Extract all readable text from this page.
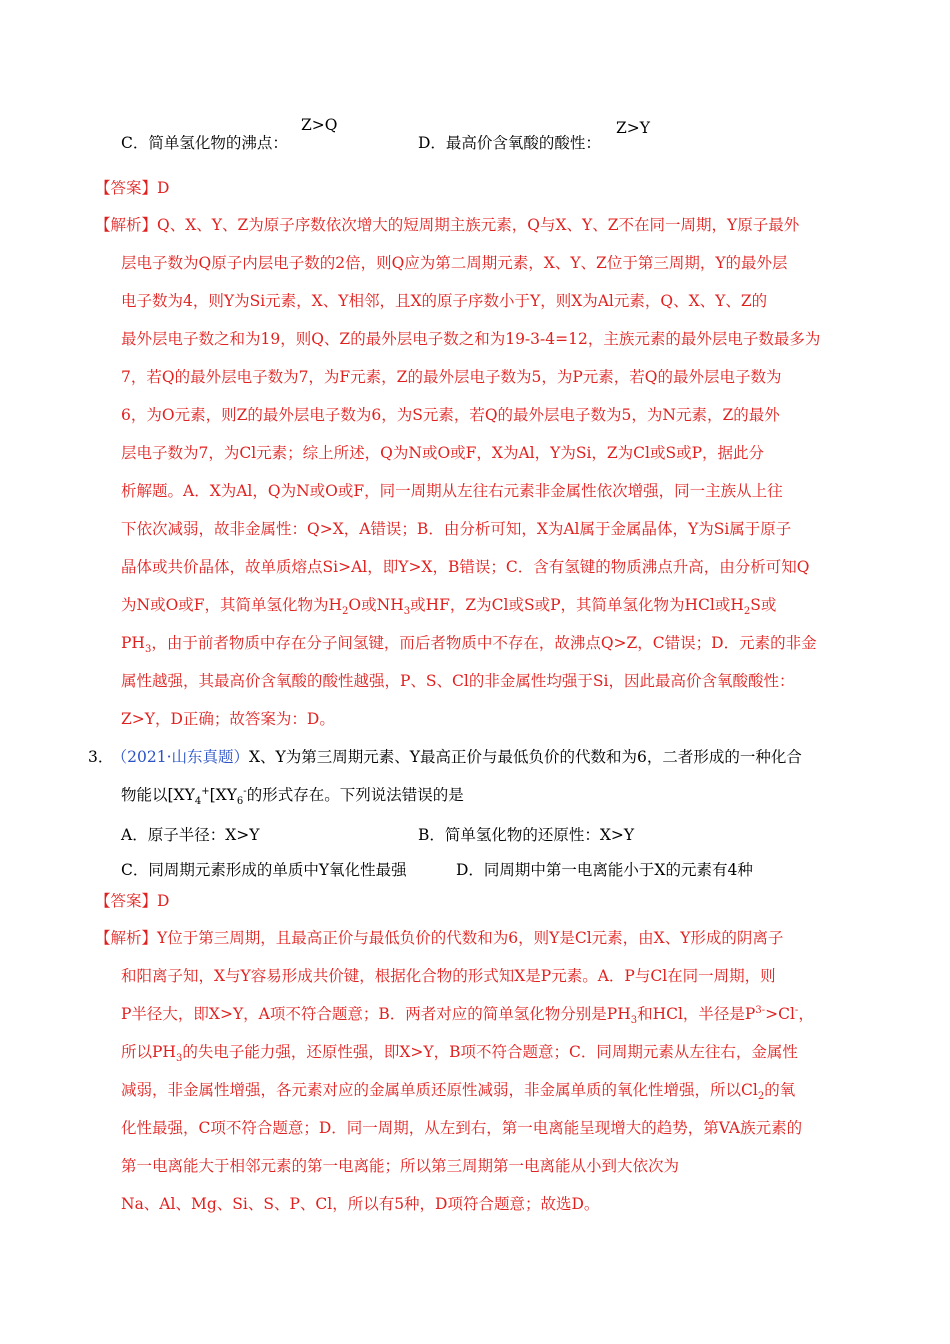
C．简单氢化物的沸点：
Z>Q
D．最高价含氧酸的酸性：
Z>Y
【答案】D
【解析】Q、X、Y、Z为原子序数依次增大的短周期主族元素，Q与X、Y、Z不在同一周期，Y原子最外
层电子数为Q原子内层电子数的2倍，则Q应为第二周期元素，X、Y、Z位于第三周期，Y的最外层
电子数为4，则Y为Si元素，X、Y相邻，且X的原子序数小于Y，则X为Al元素，Q、X、Y、Z的
最外层电子数之和为19，则Q、Z的最外层电子数之和为19-3-4=12，主族元素的最外层电子数最多为
7，若Q的最外层电子数为7，为F元素，Z的最外层电子数为5，为P元素，若Q的最外层电子数为
6，为O元素，则Z的最外层电子数为6，为S元素，若Q的最外层电子数为5，为N元素，Z的最外
层电子数为7，为Cl元素；综上所述，Q为N或O或F，X为Al，Y为Si，Z为Cl或S或P，据此分
析解题。A．X为Al，Q为N或O或F，同一周期从左往右元素非金属性依次增强，同一主族从上往
下依次减弱，故非金属性：Q>X，A错误；B．由分析可知，X为Al属于金属晶体，Y为Si属于原子
晶体或共价晶体，故单质熔点Si>Al，即Y>X，B错误；C．含有氢键的物质沸点升高，由分析可知Q
为N或O或F，其简单氢化物为$H_2O$或$NH_3$或HF，Z为Cl或S或P，其简单氢化物为HCl或$H_2S$或
$PH_3$，由于前者物质中存在分子间氢键，而后者物质中不存在，故沸点Q>Z，C错误；D．元素的非金
属性越强，其最高价含氧酸的酸性越强，P、S、Cl的非金属性均强于Si，因此最高价含氧酸酸性：
Z>Y，D正确；故答案为：D。
3． （2021·山东真题）X、Y为第三周期元素、Y最高正价与最低负价的代数和为6，二者形成的一种化合
物能以[$XY_4^+[XY_6^-$的形式存在。下列说法错误的是
A．原子半径：X>Y	B．简单氢化物的还原性：X>Y
C．同周期元素形成的单质中Y氧化性最强	D．同周期中第一电离能小于X的元素有4种
【答案】D
【解析】Y位于第三周期，且最高正价与最低负价的代数和为6，则Y是Cl元素，由X、Y形成的阴离子
和阳离子知，X与Y容易形成共价键，根据化合物的形式知X是P元素。A．P与Cl在同一周期，则
P半径大，即X>Y，A项不符合题意；B．两者对应的简单氢化物分别是$PH_3$和HCl，半径是$P^{3-}>Cl^-$，
所以$PH_3$的失电子能力强，还原性强，即X>Y，B项不符合题意；C．同周期元素从左往右，金属性
减弱，非金属性增强，各元素对应的金属单质还原性减弱，非金属单质的氧化性增强，所以$Cl_2$的氧
化性最强，C项不符合题意；D．同一周期，从左到右，第一电离能呈现增大的趋势，第VA族元素的
第一电离能大于相邻元素的第一电离能；所以第三周期第一电离能从小到大依次为
Na、Al、Mg、Si、S、P、Cl，所以有5种，D项符合题意；故选D。
